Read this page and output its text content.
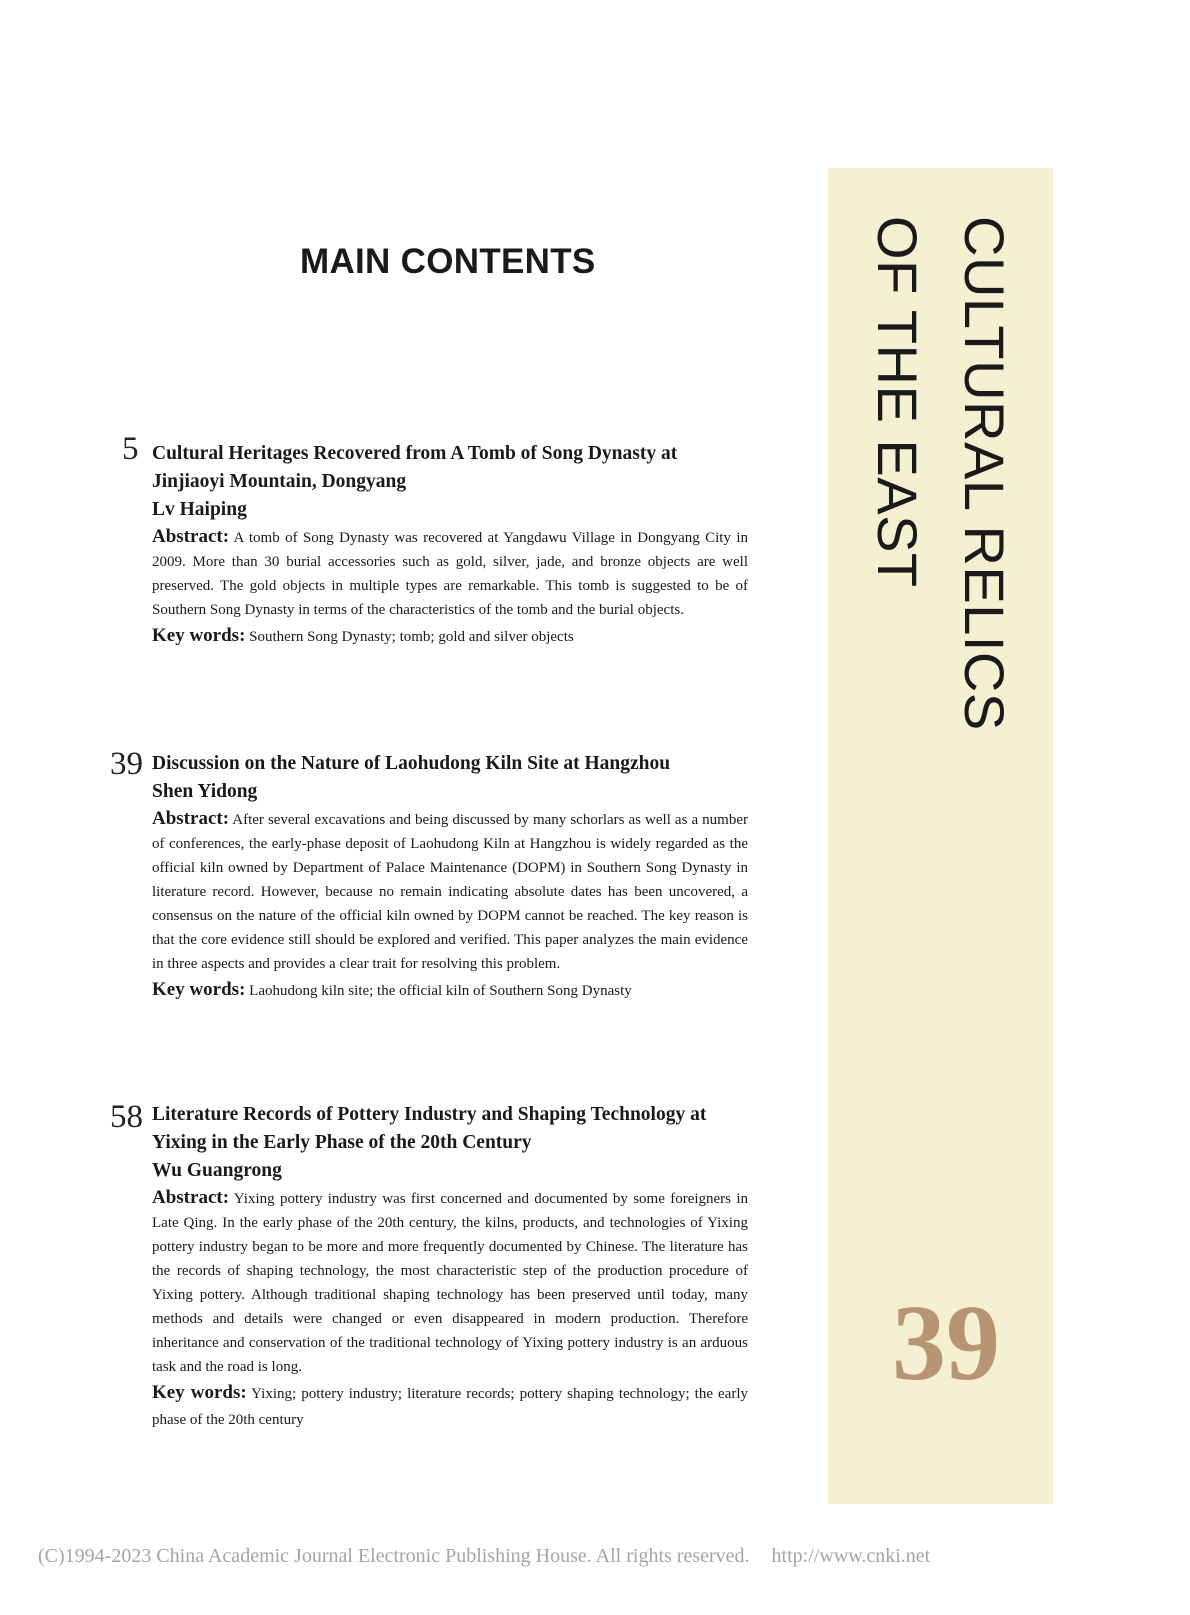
MAIN CONTENTS	CULTURAL RELICS
OF THE EAST
39
5 Cultural Heritages Recovered from A Tomb of Song Dynasty at Jinjiaoyi Mountain, Dongyang

Lv Haiping

Abstract: A tomb of Song Dynasty was recovered at Yangdawu Village in Dongyang City in 2009. More than 30 burial accessories such as gold, silver, jade, and bronze objects are well preserved. The gold objects in multiple types are remarkable. This tomb is suggested to be of Southern Song Dynasty in terms of the characteristics of the tomb and the burial objects.

Key words: Southern Song Dynasty; tomb; gold and silver objects

39 Discussion on the Nature of Laohudong Kiln Site at Hangzhou

Shen Yidong

Abstract: After several excavations and being discussed by many schorlars as well as a number of conferences, the early-phase deposit of Laohudong Kiln at Hangzhou is widely regarded as the official kiln owned by Department of Palace Maintenance (DOPM) in Southern Song Dynasty in literature record. However, because no remain indicating absolute dates has been uncovered, a consensus on the nature of the official kiln owned by DOPM cannot be reached. The key reason is that the core evidence still should be explored and verified. This paper analyzes the main evidence in three aspects and provides a clear trait for resolving this problem.

Key words: Laohudong kiln site; the official kiln of Southern Song Dynasty

58 Literature Records of Pottery Industry and Shaping Technology at Yixing in the Early Phase of the 20th Century

Wu Guangrong

Abstract: Yixing pottery industry was first concerned and documented by some foreigners in Late Qing. In the early phase of the 20th century, the kilns, products, and technologies of Yixing pottery industry began to be more and more frequently documented by Chinese. The literature has the records of shaping technology, the most characteristic step of the production procedure of Yixing pottery. Although traditional shaping technology has been preserved until today, many methods and details were changed or even disappeared in modern production. Therefore inheritance and conservation of the traditional technology of Yixing pottery industry is an arduous task and the road is long.

Key words: Yixing; pottery industry; literature records; pottery shaping technology; the early phase of the 20th century

(C)1994-2023 China Academic Journal Electronic Publishing House. All rights reserved. http://www.cnki.net
